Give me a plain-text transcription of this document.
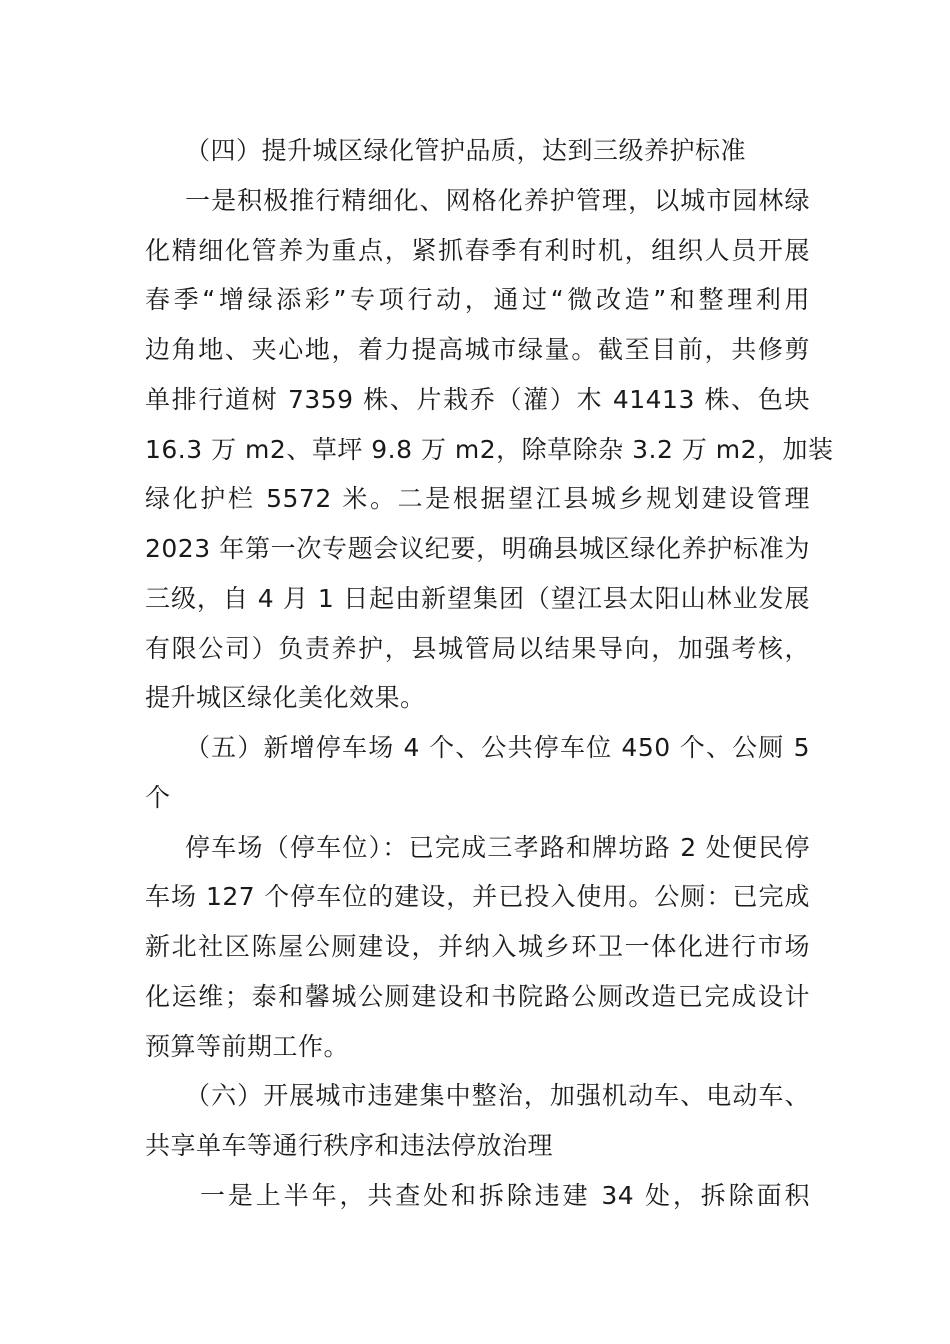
（四）提升城区绿化管护品质，达到三级养护标准
一是积极推行精细化、网格化养护管理，以城市园林绿
化精细化管养为重点，紧抓春季有利时机，组织人员开展
春季“增绿添彩”专项行动，通过“微改造”和整理利用
边角地、夹心地，着力提高城市绿量。截至目前，共修剪
单排行道树 7359 株、片栽乔（灌）木 41413 株、色块
16.3 万 m2、草坪 9.8 万 m2，除草除杂 3.2 万 m2，加装
绿化护栏 5572 米。二是根据望江县城乡规划建设管理
2023 年第一次专题会议纪要，明确县城区绿化养护标准为
三级，自 4 月 1 日起由新望集团（望江县太阳山林业发展
有限公司）负责养护，县城管局以结果导向，加强考核，
提升城区绿化美化效果。
（五）新增停车场 4 个、公共停车位 450 个、公厕 5
个
停车场（停车位）：已完成三孝路和牌坊路 2 处便民停
车场 127 个停车位的建设，并已投入使用。公厕：已完成
新北社区陈屋公厕建设，并纳入城乡环卫一体化进行市场
化运维；泰和馨城公厕建设和书院路公厕改造已完成设计
预算等前期工作。
（六）开展城市违建集中整治，加强机动车、电动车、
共享单车等通行秩序和违法停放治理
一是上半年，共查处和拆除违建 34 处，拆除面积
